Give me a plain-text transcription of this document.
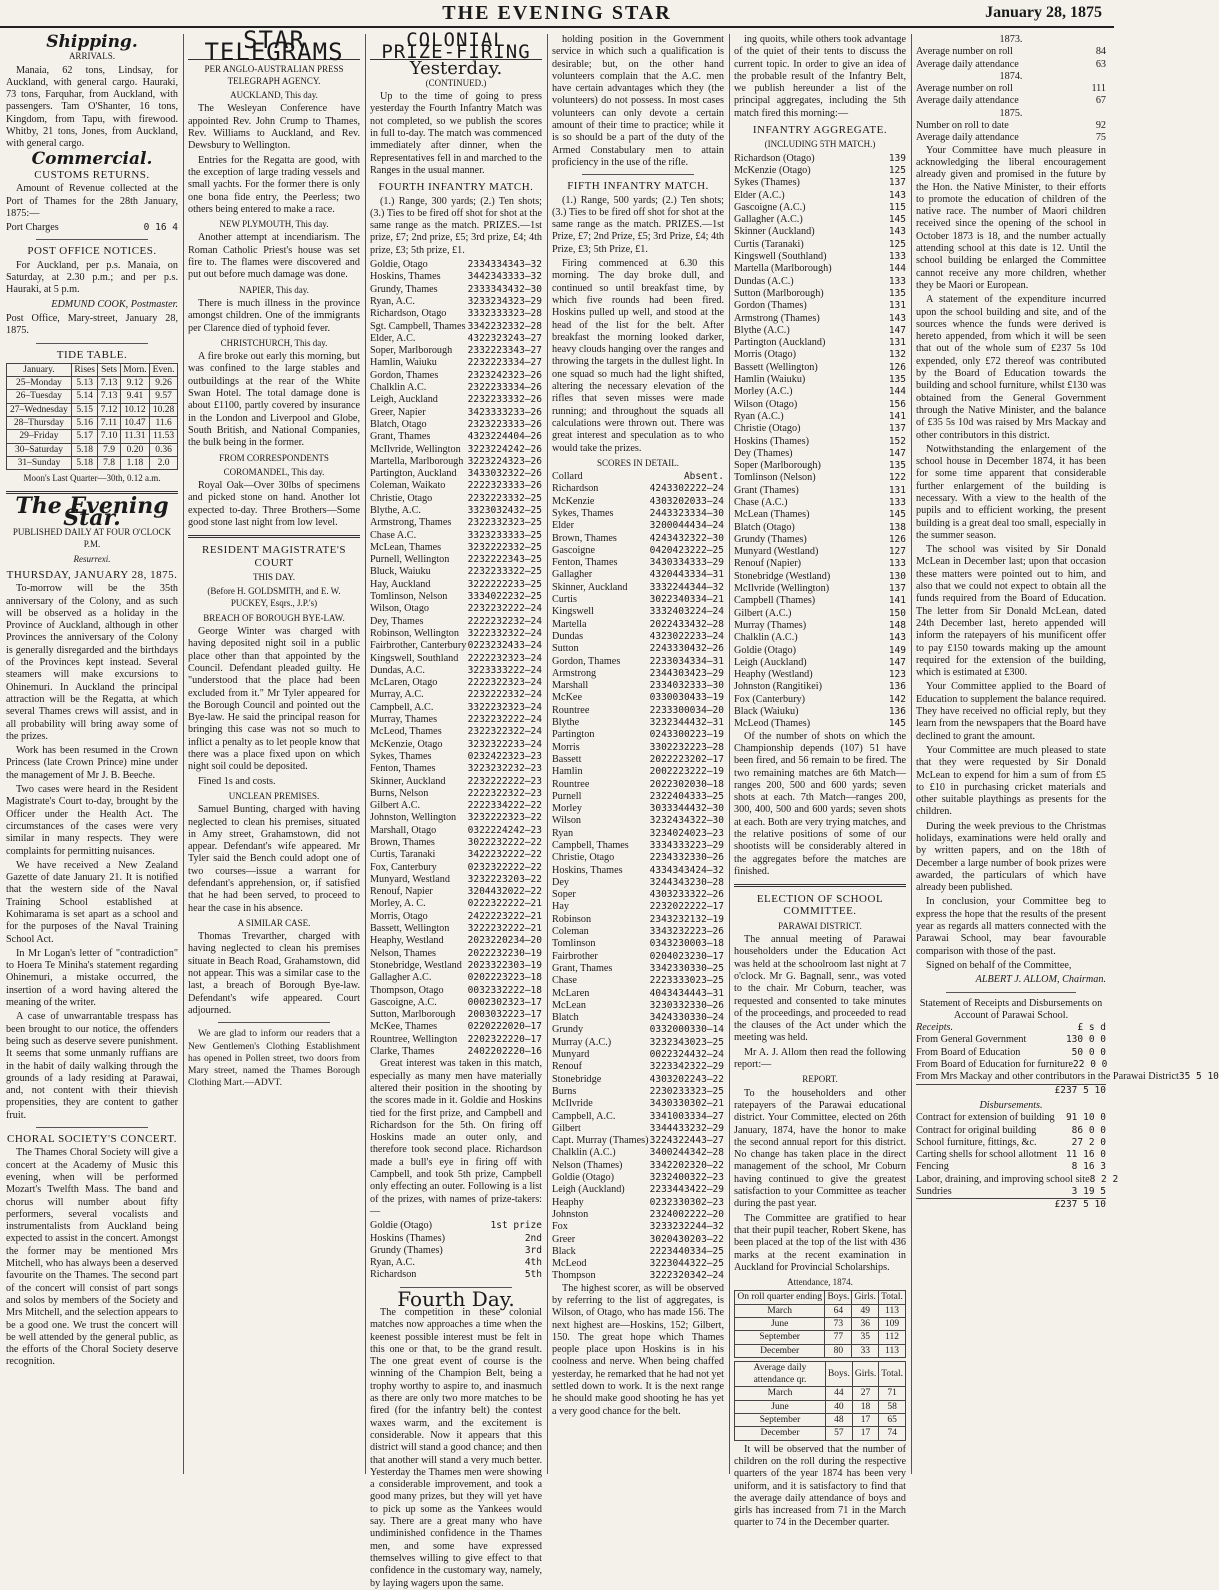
THE EVENING STAR	January 28, 1875
Shipping.
ARRIVALS.

Manaia, 62 tons, Lindsay, for Auckland, with general cargo. Hauraki, 73 tons, Farquhar, from Auckland, with passengers. Tam O'Shanter, 16 tons, Kingdom, from Tapu, with firewood. Whitby, 21 tons, Jones, from Auckland, with general cargo.

Commercial.
CUSTOMS RETURNS.

Amount of Revenue collected at the Port of Thames for the 28th January, 1875:—

Port Charges	0 16 4
POST OFFICE NOTICES.

For Auckland, per p.s. Manaia, on Saturday, at 2.30 p.m.; and per p.s. Hauraki, at 5 p.m.

EDMUND COOK, Postmaster.
Post Office, Mary-street, January 28, 1875.
TIDE TABLE.
January.	Rises	Sets	Morn.	Even.
25–Monday	5.13	7.13	9.12	9.26
26–Tuesday	5.14	7.13	9.41	9.57
27–Wednesday	5.15	7.12	10.12	10.28
28–Thursday	5.16	7.11	10.47	11.6
29–Friday	5.17	7.10	11.31	11.53
30–Saturday	5.18	7.9	0.20	0.36
31–Sunday	5.18	7.8	1.18	2.0
Moon's Last Quarter—30th, 0.12 a.m.
The Evening Star.
PUBLISHED DAILY AT FOUR O'CLOCK P.M.
Resurrexi.
THURSDAY, JANUARY 28, 1875.

To-morrow will be the 35th anniversary of the Colony, and as such will be observed as a holiday in the Province of Auckland, although in other Provinces the anniversary of the Colony is generally disregarded and the birthdays of the Provinces kept instead. Several steamers will make excursions to Ohinemuri. In Auckland the principal attraction will be the Regatta, at which several Thames crews will assist, and in all probability will bring away some of the prizes.

Work has been resumed in the Crown Princess (late Crown Prince) mine under the management of Mr J. B. Beeche.

Two cases were heard in the Resident Magistrate's Court to-day, brought by the Officer under the Health Act. The circumstances of the cases were very similar in many respects. They were complaints for permitting nuisances.

We have received a New Zealand Gazette of date January 21. It is notified that the western side of the Naval Training School established at Kohimarama is set apart as a school and for the purposes of the Naval Training School Act.

In Mr Logan's letter of "contradiction" to Hoera Te Miniha's statement regarding Ohinemuri, a mistake occurred, the insertion of a word having altered the meaning of the writer.

A case of unwarrantable trespass has been brought to our notice, the offenders being such as deserve severe punishment. It seems that some unmanly ruffians are in the habit of daily walking through the grounds of a lady residing at Parawai, and, not content with their thievish propensities, they are content to gather fruit.

CHORAL SOCIETY'S CONCERT.

The Thames Choral Society will give a concert at the Academy of Music this evening, when will be performed Mozart's Twelfth Mass. The band and chorus will number about fifty performers, several vocalists and instrumentalists from Auckland being expected to assist in the concert. Amongst the former may be mentioned Mrs Mitchell, who has always been a deserved favourite on the Thames. The second part of the concert will consist of part songs and solos by members of the Society and Mrs Mitchell, and the selection appears to be a good one. We trust the concert will be well attended by the general public, as the efforts of the Choral Society deserve recognition.

STAR TELEGRAMS
PER ANGLO-AUSTRALIAN PRESS TELEGRAPH AGENCY.
AUCKLAND, This day.

The Wesleyan Conference have appointed Rev. John Crump to Thames, Rev. Williams to Auckland, and Rev. Dewsbury to Wellington.

Entries for the Regatta are good, with the exception of large trading vessels and small yachts. For the former there is only one bona fide entry, the Peerless; two others being entered to make a race.

NEW PLYMOUTH, This day.

Another attempt at incendiarism. The Roman Catholic Priest's house was set fire to. The flames were discovered and put out before much damage was done.

NAPIER, This day.

There is much illness in the province amongst children. One of the immigrants per Clarence died of typhoid fever.

CHRISTCHURCH, This day.

A fire broke out early this morning, but was confined to the large stables and outbuildings at the rear of the White Swan Hotel. The total damage done is about £1100, partly covered by insurance in the London and Liverpool and Globe, South British, and National Companies, the bulk being in the former.

FROM CORRESPONDENTS
COROMANDEL, This day.

Royal Oak—Over 30lbs of specimens and picked stone on hand. Another lot expected to-day. Three Brothers—Some good stone last night from low level.

RESIDENT MAGISTRATE'S COURT
THIS DAY.
(Before H. GOLDSMITH, and E. W. PUCKEY, Esqrs., J.P.'s)
BREACH OF BOROUGH BYE-LAW.

George Winter was charged with having deposited night soil in a public place other than that appointed by the Council. Defendant pleaded guilty. He "understood that the place had been excluded from it." Mr Tyler appeared for the Borough Council and pointed out the Bye-law. He said the principal reason for bringing this case was not so much to inflict a penalty as to let people know that there was a place fixed upon on which night soil could be deposited.

Fined 1s and costs.

UNCLEAN PREMISES.

Samuel Bunting, charged with having neglected to clean his premises, situated in Amy street, Grahamstown, did not appear. Defendant's wife appeared. Mr Tyler said the Bench could adopt one of two courses—issue a warrant for defendant's apprehension, or, if satisfied that he had been served, to proceed to hear the case in his absence.

A SIMILAR CASE.

Thomas Trevarther, charged with having neglected to clean his premises situate in Beach Road, Grahamstown, did not appear. This was a similar case to the last, a breach of Borough Bye-law. Defendant's wife appeared. Court adjourned.

We are glad to inform our readers that a New Gentlemen's Clothing Establishment has opened in Pollen street, two doors from Mary street, named the Thames Borough Clothing Mart.—ADVT.

COLONIAL PRIZE-FIRING
Yesterday.
(CONTINUED.)

Up to the time of going to press yesterday the Fourth Infantry Match was not completed, so we publish the scores in full to-day. The match was commenced immediately after dinner, when the Representatives fell in and marched to the Ranges in the usual manner.

FOURTH INFANTRY MATCH.

(1.) Range, 300 yards; (2.) Ten shots; (3.) Ties to be fired off shot for shot at the same range as the match. PRIZES.—1st prize, £7; 2nd prize, £5; 3rd prize, £4; 4th prize, £3; 5th prize, £1.

Goldie, Otago	2334334343—32
Hoskins, Thames	3442343333—32
Grundy, Thames	2333343432—30
Ryan, A.C.	3233234323—29
Richardson, Otago 3332333323—28
Sgt. Campbell, Thames 3342232332—28
Elder, A.C.	4322323243—27
Soper, Marlborough 2332223343—27
Hamlin, Waiuku	2232223334—27
Gordon, Thames	2323242323—26
Chalklin A.C.	2322233334—26
Leigh, Auckland	2232233332—26
Greer, Napier	3423333233—26
Blatch, Otago	2323223333—26
Grant, Thames	4323224404—26
McIlvride, Wellington 3223224242—26
Martella, Marlborough 3223224323—26
Partington, Auckland 3433032322—26
Coleman, Waikato 2222323333—26
Christie, Otago	2232223332—25
Blythe, A.C.	3323032432—25
Armstrong, Thames 2322332323—25
Chase A.C.	3323233333—25
McLean, Thames	3232222332—25
Purnell, Wellington 2232222343—25
Bluck, Waiuku	2232233322—25
Hay, Auckland	3222222233—25
Tomlinson, Nelson 3334022232—25
Wilson, Otago	2232232222—24
Dey, Thames	2222232232—24
Robinson, Wellington 3222332322—24
Fairbrother, Canterbury 0223232433—24
Kingswell, Southland 2222232323—24
Dundas, A.C.	3223333222—24
McLaren, Otago	2222322323—24
Murray, A.C.	2232222332—24
Campbell, A.C.	3322232323—24
Murray, Thames	2232232222—24
McLeod, Thames	2322322322—24
McKenzie, Otago	3232322233—24
Sykes, Thames	0232422323—23
Fenton, Thames	3223232232—23
Skinner, Auckland 2232222222—23
Burns, Nelson	2222322322—23
Gilbert A.C.	2222334222—22
Johnston, Wellington 3232222323—22
Marshall, Otago	0322224242—23
Brown, Thames	3022232222—22
Curtis, Taranaki	3422232222—22
Fox, Canterbury	0232322222—22
Munyard, Westland 3232223203—22
Renouf, Napier	3204432022—22
Morley, A. C.	0222322222—21
Morris, Otago	2422223222—21
Bassett, Wellington 3222232222—21
Heaphy, Westland	2023220234—20
Nelson, Thames	2022232230—19
Stonebridge, Westland 2023322303—19
Gallagher A.C.	0202223223—18
Thompson, Otago	0032332222—18
Gascoigne, A.C.	0002302323—17
Sutton, Marlborough 2003032223—17
McKee, Thames	0220222020—17
Rountree, Wellington 2202322220—17
Clarke, Thames	2402202220—16

Great interest was taken in this match, especially as many men have materially altered their position in the shooting by the scores made in it. Goldie and Hoskins tied for the first prize, and Campbell and Richardson for the 5th. On firing off Hoskins made an outer only, and therefore took second place. Richardson made a bull's eye in firing off with Campbell, and took 5th prize, Campbell only effecting an outer. Following is a list of the prizes, with names of prize-takers:—

Goldie (Otago)	1st prize
Hoskins (Thames)	2nd
Grundy (Thames)	3rd
Ryan, A.C.	4th
Richardson	5th
Fourth Day.

The competition in these colonial matches now approaches a time when the keenest possible interest must be felt in this one or that, to be the grand result. The one great event of course is the winning of the Champion Belt, being a trophy worthy to aspire to, and inasmuch as there are only two more matches to be fired (for the infantry belt) the contest waxes warm, and the excitement is considerable. Now it appears that this district will stand a good chance; and then that another will stand a very much better. Yesterday the Thames men were showing a considerable improvement, and took a good many prizes, but they will yet have to pick up some as the Yankees would say. There are a great many who have undiminished confidence in the Thames men, and some have expressed themselves willing to give effect to that confidence in the customary way, namely, by laying wagers upon the same.

holding position in the Government service in which such a qualification is desirable; but, on the other hand volunteers complain that the A.C. men have certain advantages which they (the volunteers) do not possess. In most cases volunteers can only devote a certain amount of their time to practice; while it is so should be a part of the duty of the Armed Constabulary men to attain proficiency in the use of the rifle.

FIFTH INFANTRY MATCH.

(1.) Range, 500 yards; (2.) Ten shots; (3.) Ties to be fired off shot for shot at the same range as the match. PRIZES.—1st Prize, £7; 2nd Prize, £5; 3rd Prize, £4; 4th Prize, £3; 5th Prize, £1.

Firing commenced at 6.30 this morning. The day broke dull, and continued so until breakfast time, by which five rounds had been fired. Hoskins pulled up well, and stood at the head of the list for the belt. After breakfast the morning looked darker, heavy clouds hanging over the ranges and throwing the targets in the dullest light. In one squad so much had the light shifted, altering the necessary elevation of the rifles that seven misses were made running; and throughout the squads all calculations were thrown out. There was great interest and speculation as to who would take the prizes.

SCORES IN DETAIL.
Collard	Absent.
Richardson	4243302222—24
McKenzie	4303202033—24
Sykes, Thames	2443323334—30
Elder	3200044434—24
Brown, Thames	4243432322—30
Gascoigne	0420423222—25
Fenton, Thames	3430334333—29
Gallagher	4320443334—31
Skinner, Auckland 3332244344—32
Curtis	3022340334—21
Kingswell	3332403224—24
Martella	2022433432—28
Dundas	4323022233—24
Sutton	2243330432—26
Gordon, Thames	2233034334—31
Armstrong	2344303423—29
Marshall	2334032333—30
McKee	0330030433—19
Rountree	2233300034—20
Blythe	3232344432—31
Partington	0243300223—19
Morris	3302232223—28
Bassett	2022223202—17
Hamlin	2002223222—19
Rountree	2022302030—18
Purnell	2322404333—25
Morley	3033344432—30
Wilson	3232434322—30
Ryan	3234024023—23
Campbell, Thames 3334333223—29
Christie, Otago	2234332330—26
Hoskins, Thames	4334343424—32
Dey	3244343230—28
Soper	4303233322—26
Hay	2232022222—17
Robinson	2343232132—19
Coleman	3343232223—26
Tomlinson	0343230003—18
Fairbrother	0204023230—17
Grant, Thames	3342330330—25
Chase	2223333023—25
McLaren	4043434443—31
McLean	3230332330—26
Blatch	3424330330—24
Grundy	0332000330—14
Murray (A.C.)	3232343023—25
Munyard	0022324432—24
Renouf	3223342322—29
Stonebridge	4303202243—22
Burns	2230233323—25
McIlvride	3430330302—21
Campbell, A.C.	3341003334—27
Gilbert	3344433232—29
Capt. Murray (Thames) 3224322443—27
Chalklin (A.C.)	3400244342—28
Nelson (Thames)	3342202320—22
Goldie (Otago)	3232400322—23
Leigh (Auckland)	2233443422—29
Heaphy	0232330302—23
Johnston	2324002222—20
Fox	3233232244—32
Greer	3020430203—22
Black	2223440334—25
McLeod	3223044322—25
Thompson	3222320342—24

The highest scorer, as will be observed by referring to the list of aggregates, is Wilson, of Otago, who has made 156. The next highest are—Hoskins, 152; Gilbert, 150. The great hope which Thames people place upon Hoskins is in his coolness and nerve. When being chaffed yesterday, he remarked that he had not yet settled down to work. It is the next range he should make good shooting he has yet a very good chance for the belt.

ing quoits, while others took advantage of the quiet of their tents to discuss the current topic. In order to give an idea of the probable result of the Infantry Belt, we publish hereunder a list of the principal aggregates, including the 5th match fired this morning:—

INFANTRY AGGREGATE.
(INCLUDING 5TH MATCH.)
Richardson (Otago)	139
McKenzie (Otago)	125
Sykes (Thames)	137
Elder (A.C.)	143
Gascoigne (A.C.)	115
Gallagher (A.C.)	145
Skinner (Auckland)	143
Curtis (Taranaki)	125
Kingswell (Southland)	133
Martella (Marlborough)	144
Dundas (A.C.)	133
Sutton (Marlborough)	135
Gordon (Thames)	131
Armstrong (Thames)	143
Blythe (A.C.)	147
Partington (Auckland)	131
Morris (Otago)	132
Bassett (Wellington)	126
Hamlin (Waiuku)	135
Morley (A.C.)	144
Wilson (Otago)	156
Ryan (A.C.)	141
Christie (Otago)	137
Hoskins (Thames)	152
Dey (Thames)	147
Soper (Marlborough)	135
Tomlinson (Nelson)	122
Grant (Thames)	131
Chase (A.C.)	133
McLean (Thames)	145
Blatch (Otago)	138
Grundy (Thames)	126
Munyard (Westland)	127
Renouf (Napier)	133
Stonebridge (Westland)	130
McIlvride (Wellington)	137
Campbell (Thames)	141
Gilbert (A.C.)	150
Murray (Thames)	148
Chalklin (A.C.)	143
Goldie (Otago)	149
Leigh (Auckland)	147
Heaphy (Westland)	123
Johnston (Rangitikei)	136
Fox (Canterbury)	142
Black (Waiuku)	136
McLeod (Thames)	145

Of the number of shots on which the Championship depends (107) 51 have been fired, and 56 remain to be fired. The two remaining matches are 6th Match—ranges 200, 500 and 600 yards; seven shots at each. 7th Match—ranges 200, 300, 400, 500 and 600 yards; seven shots at each. Both are very trying matches, and the relative positions of some of our shootists will be considerably altered in the aggregates before the matches are finished.

ELECTION OF SCHOOL COMMITTEE.
PARAWAI DISTRICT.

The annual meeting of Parawai householders under the Education Act was held at the schoolroom last night at 7 o'clock. Mr G. Bagnall, senr., was voted to the chair. Mr Coburn, teacher, was requested and consented to take minutes of the proceedings, and proceeded to read the clauses of the Act under which the meeting was held.

Mr A. J. Allom then read the following report:—

REPORT.

To the householders and other ratepayers of the Parawai educational district. Your Committee, elected on 26th January, 1874, have the honor to make the second annual report for this district. No change has taken place in the direct management of the school, Mr Coburn having continued to give the greatest satisfaction to your Committee as teacher during the past year.

The Committee are gratified to hear that their pupil teacher, Robert Skene, has been placed at the top of the list with 436 marks at the recent examination in Auckland for Provincial Scholarships.

Attendance, 1874.
On roll quarter ending	Boys.	Girls.	Total.
March	64	49	113
June	73	36	109
September	77	35	112
December	80	33	113
Average daily attendance qr.	Boys.	Girls.	Total.
March	44	27	71
June	40	18	58
September	48	17	65
December	57	17	74

It will be observed that the number of children on the roll during the respective quarters of the year 1874 has been very uniform, and it is satisfactory to find that the average daily attendance of boys and girls has increased from 71 in the March quarter to 74 in the December quarter.

1873.
Average number on roll	84
Average daily attendance	63
1874.
Average number on roll	111
Average daily attendance	67
1875.
Number on roll to date	92
Average daily attendance	75

Your Committee have much pleasure in acknowledging the liberal encouragement already given and promised in the future by the Hon. the Native Minister, to their efforts to promote the education of children of the native race. The number of Maori children received since the opening of the school in October 1873 is 18, and the number actually attending school at this date is 12. Until the school building be enlarged the Committee cannot receive any more children, whether they be Maori or European.

A statement of the expenditure incurred upon the school building and site, and of the sources whence the funds were derived is hereto appended, from which it will be seen that out of the whole sum of £237 5s 10d expended, only £72 thereof was contributed by the Board of Education towards the building and school furniture, whilst £130 was obtained from the General Government through the Native Minister, and the balance of £35 5s 10d was raised by Mrs Mackay and other contributors in this district.

Notwithstanding the enlargement of the school house in December 1874, it has been for some time apparent that considerable further enlargement of the building is necessary. With a view to the health of the pupils and to efficient working, the present building is a great deal too small, especially in the summer season.

The school was visited by Sir Donald McLean in December last; upon that occasion these matters were pointed out to him, and also that we could not expect to obtain all the funds required from the Board of Education. The letter from Sir Donald McLean, dated 24th December last, hereto appended will inform the ratepayers of his munificent offer to pay £150 towards making up the amount required for the extension of the building, which is estimated at £300.

Your Committee applied to the Board of Education to supplement the balance required. They have received no official reply, but they learn from the newspapers that the Board have declined to grant the amount.

Your Committee are much pleased to state that they were requested by Sir Donald McLean to expend for him a sum of from £5 to £10 in purchasing cricket materials and other suitable playthings as presents for the children.

During the week previous to the Christmas holidays, examinations were held orally and by written papers, and on the 18th of December a large number of book prizes were awarded, the particulars of which have already been published.

In conclusion, your Committee beg to express the hope that the results of the present year as regards all matters connected with the Parawai School, may bear favourable comparison with those of the past.

Signed on behalf of the Committee,

ALBERT J. ALLOM, Chairman.
Statement of Receipts and Disbursements on Account of Parawai School.
Receipts.	£ s d
From General Government	130 0 0
From Board of Education	50 0 0
From Board of Education for furniture 22 0 0
From Mrs Mackay and other contributors in the Parawai District 35 5 10
£237 5 10
Disbursements.
Contract for extension of building 91 10 0
Contract for original building	86 0 0
School furniture, fittings, &c.	27 2 0
Carting shells for school allotment 11 16 0
Fencing	8 16 3
Labor, draining, and improving school site 8 2 2
Sundries	3 19 5
£237 5 10
